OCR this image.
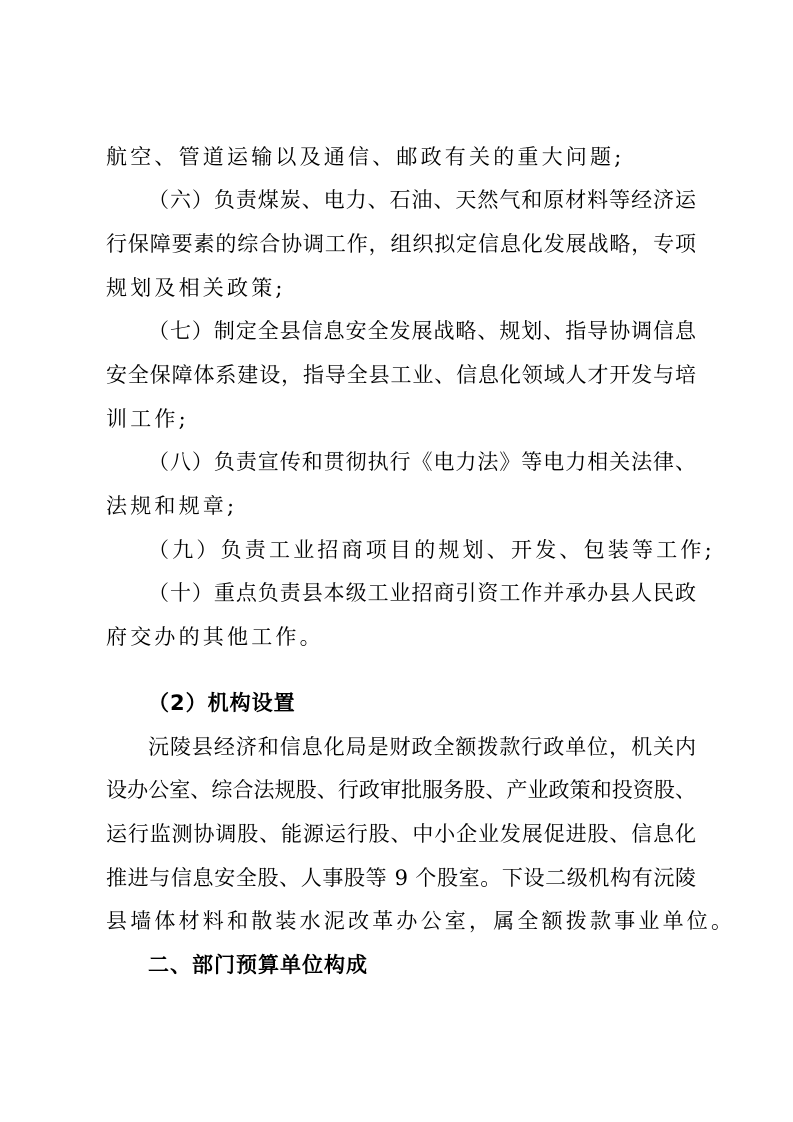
航空、管道运输以及通信、邮政有关的重大问题;
（六）负责煤炭、电力、石油、天然气和原材料等经济运
行保障要素的综合协调工作，组织拟定信息化发展战略，专项
规划及相关政策;
（七）制定全县信息安全发展战略、规划、指导协调信息
安全保障体系建设，指导全县工业、信息化领域人才开发与培
训工作;
（八）负责宣传和贯彻执行《电力法》等电力相关法律、
法规和规章;
（九）负责工业招商项目的规划、开发、包装等工作;
（十）重点负责县本级工业招商引资工作并承办县人民政
府交办的其他工作。
（2）机构设置
沅陵县经济和信息化局是财政全额拨款行政单位，机关内
设办公室、综合法规股、行政审批服务股、产业政策和投资股、
运行监测协调股、能源运行股、中小企业发展促进股、信息化
推进与信息安全股、人事股等 9 个股室。下设二级机构有沅陵
县墙体材料和散装水泥改革办公室，属全额拨款事业单位。
二、部门预算单位构成
